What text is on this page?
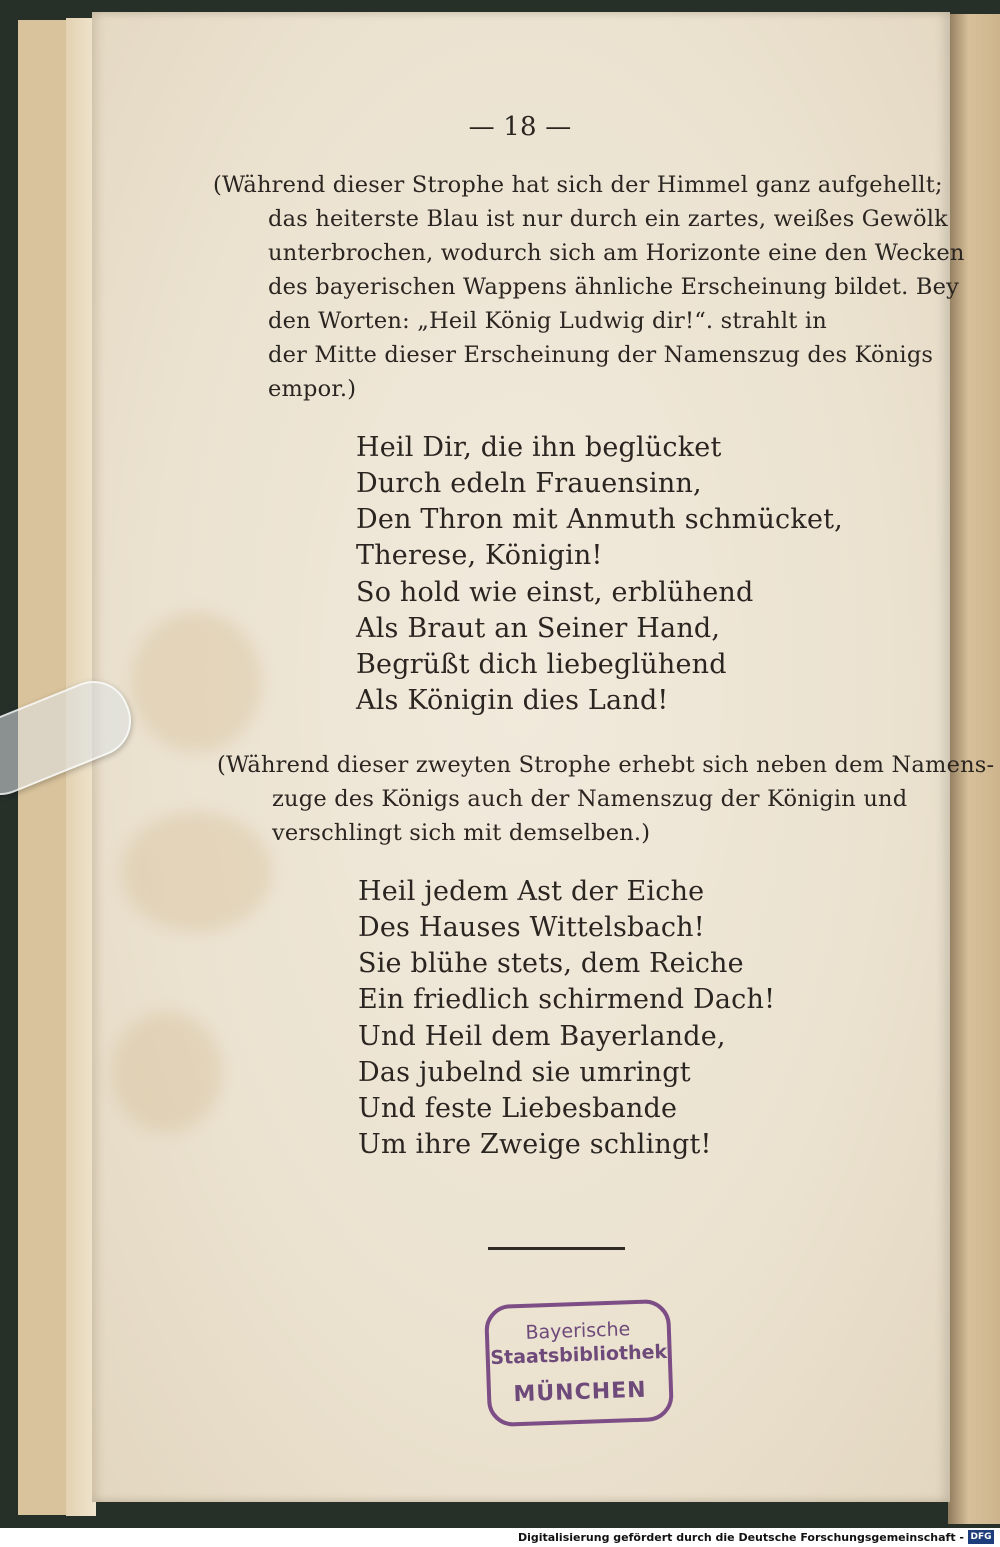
— 18 —
(Während dieser Strophe hat sich der Himmel ganz aufgehellt;
das heiterste Blau ist nur durch ein zartes, weißes Gewölk
unterbrochen, wodurch sich am Horizonte eine den Wecken
des bayerischen Wappens ähnliche Erscheinung bildet. Bey
den Worten: „Heil König Ludwig dir!“. strahlt in
der Mitte dieser Erscheinung der Namenszug des Königs
empor.)
Heil Dir, die ihn beglücket
Durch edeln Frauensinn,
Den Thron mit Anmuth schmücket,
Therese, Königin!
So hold wie einst, erblühend
Als Braut an Seiner Hand,
Begrüßt dich liebeglühend
Als Königin dies Land!
(Während dieser zweyten Strophe erhebt sich neben dem Namens-
zuge des Königs auch der Namenszug der Königin und
verschlingt sich mit demselben.)
Heil jedem Ast der Eiche
Des Hauses Wittelsbach!
Sie blühe stets, dem Reiche
Ein friedlich schirmend Dach!
Und Heil dem Bayerlande,
Das jubelnd sie umringt
Und feste Liebesbande
Um ihre Zweige schlingt!
Bayerische
Staatsbibliothek
MÜNCHEN
Digitalisierung gefördert durch die Deutsche Forschungsgemeinschaft - DFG
